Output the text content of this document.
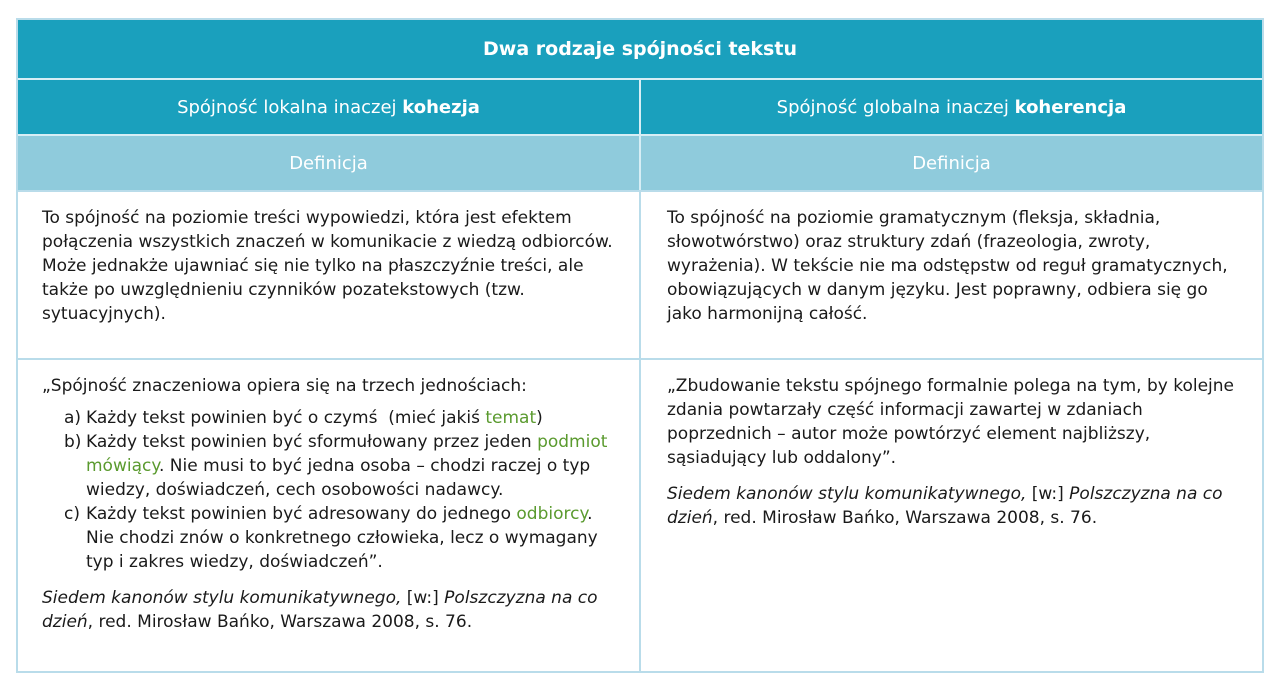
Dwa rodzaje spójności tekstu
Spójność lokalna inaczej kohezja	Spójność globalna inaczej koherencja
Definicja	Definicja
To spójność na poziomie treści wypowiedzi, która jest efektem połączenia wszystkich znaczeń w komunikacie z wiedzą odbiorców. Może jednakże ujawniać się nie tylko na płaszczyźnie treści, ale także po uwzględnieniu czynników pozatekstowych (tzw. sytuacyjnych).
To spójność na poziomie gramatycznym (fleksja, składnia, słowotwórstwo) oraz struktury zdań (frazeologia, zwroty, wyrażenia). W tekście nie ma odstępstw od reguł gramatycznych, obowiązujących w danym języku. Jest poprawny, odbiera się go jako harmonijną całość.
„Spójność znaczeniowa opiera się na trzech jednościach:
a) Każdy tekst powinien być o czymś  (mieć jakiś temat)
b) Każdy tekst powinien być sformułowany przez jeden podmiot mówiący. Nie musi to być jedna osoba – chodzi raczej o typ wiedzy, doświadczeń, cech osobowości nadawcy.
c) Każdy tekst powinien być adresowany do jednego odbiorcy. Nie chodzi znów o konkretnego człowieka, lecz o wymagany typ i zakres wiedzy, doświadczeń”.
Siedem kanonów stylu komunikatywnego, [w:] Polszczyzna na co dzień, red. Mirosław Bańko, Warszawa 2008, s. 76.
„Zbudowanie tekstu spójnego formalnie polega na tym, by kolejne zdania powtarzały część informacji zawartej w zdaniach poprzednich – autor może powtórzyć element najbliższy, sąsiadujący lub oddalony”.
Siedem kanonów stylu komunikatywnego, [w:] Polszczyzna na co dzień, red. Mirosław Bańko, Warszawa 2008, s. 76.
